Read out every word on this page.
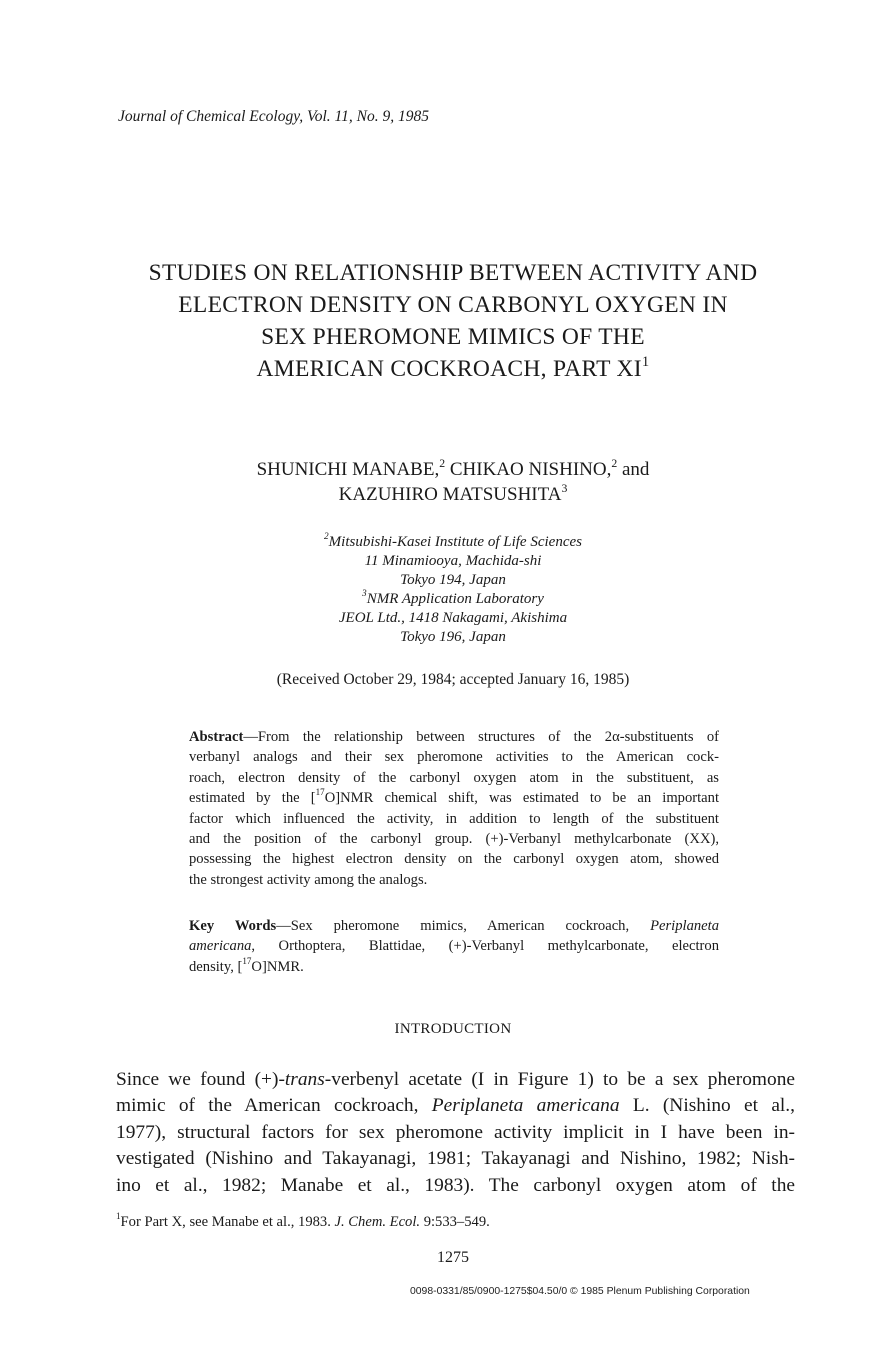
Journal of Chemical Ecology, Vol. 11, No. 9, 1985
STUDIES ON RELATIONSHIP BETWEEN ACTIVITY AND
ELECTRON DENSITY ON CARBONYL OXYGEN IN
SEX PHEROMONE MIMICS OF THE
AMERICAN COCKROACH, PART $XI^1$
SHUNICHI MANABE,$^2$ CHIKAO NISHINO,$^2$ and
KAZUHIRO MATSUSHITA$^3$
$^2$Mitsubishi-Kasei Institute of Life Sciences
11 Minamiooya, Machida-shi
Tokyo 194, Japan
$^3$NMR Application Laboratory
JEOL Ltd., 1418 Nakagami, Akishima
Tokyo 196, Japan
(Received October 29, 1984; accepted January 16, 1985)
Abstract—From the relationship between structures of the 2α-substituents of
verbanyl analogs and their sex pheromone activities to the American cock-
roach, electron density of the carbonyl oxygen atom in the substituent, as
estimated by the [$^{17}$O]NMR chemical shift, was estimated to be an important
factor which influenced the activity, in addition to length of the substituent
and the position of the carbonyl group. (+)-Verbanyl methylcarbonate (XX),
possessing the highest electron density on the carbonyl oxygen atom, showed
the strongest activity among the analogs.
Key Words—Sex pheromone mimics, American cockroach, Periplaneta
americana, Orthoptera, Blattidae, (+)-Verbanyl methylcarbonate, electron
density, [$^{17}$O]NMR.
INTRODUCTION
Since we found (+)-trans-verbenyl acetate (I in Figure 1) to be a sex pheromone
mimic of the American cockroach, Periplaneta americana L. (Nishino et al.,
1977), structural factors for sex pheromone activity implicit in I have been in-
vestigated (Nishino and Takayanagi, 1981; Takayanagi and Nishino, 1982; Nish-
ino et al., 1982; Manabe et al., 1983). The carbonyl oxygen atom of the
$^1$For Part X, see Manabe et al., 1983. J. Chem. Ecol. 9:533–549.
1275
0098-0331/85/0900-1275$04.50/0 © 1985 Plenum Publishing Corporation
